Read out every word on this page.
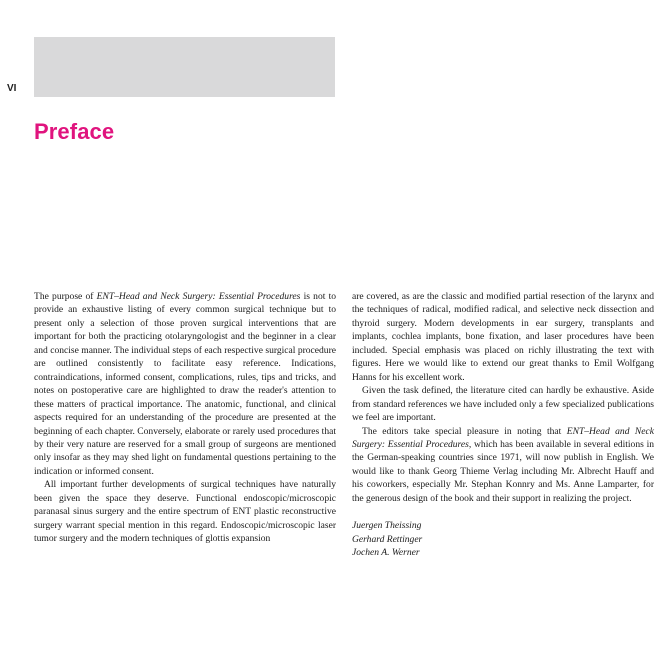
VI
Preface

The purpose of ENT–Head and Neck Surgery: Essential Procedures is not to provide an exhaustive listing of every common surgical technique but to present only a selection of those proven surgical interventions that are important for both the practicing otolaryngologist and the beginner in a clear and concise manner. The individual steps of each respective surgical procedure are outlined consistently to facilitate easy reference. Indications, contraindications, informed consent, complications, rules, tips and tricks, and notes on postoperative care are highlighted to draw the reader's attention to these matters of practical importance. The anatomic, functional, and clinical aspects required for an understanding of the procedure are presented at the beginning of each chapter. Conversely, elaborate or rarely used procedures that by their very nature are reserved for a small group of surgeons are mentioned only insofar as they may shed light on fundamental questions pertaining to the indication or informed consent.

All important further developments of surgical techniques have naturally been given the space they deserve. Functional endoscopic/microscopic paranasal sinus surgery and the entire spectrum of ENT plastic reconstructive surgery warrant special mention in this regard. Endoscopic/microscopic laser tumor surgery and the modern techniques of glottis expansion

are covered, as are the classic and modified partial resection of the larynx and the techniques of radical, modified radical, and selective neck dissection and thyroid surgery. Modern developments in ear surgery, transplants and implants, cochlea implants, bone fixation, and laser procedures have been included. Special emphasis was placed on richly illustrating the text with figures. Here we would like to extend our great thanks to Emil Wolfgang Hanns for his excellent work.

Given the task defined, the literature cited can hardly be exhaustive. Aside from standard references we have included only a few specialized publications we feel are important.

The editors take special pleasure in noting that ENT–Head and Neck Surgery: Essential Procedures, which has been available in several editions in the German-speaking countries since 1971, will now publish in English. We would like to thank Georg Thieme Verlag including Mr. Albrecht Hauff and his coworkers, especially Mr. Stephan Konnry and Ms. Anne Lamparter, for the generous design of the book and their support in realizing the project.

Juergen Theissing
Gerhard Rettinger
Jochen A. Werner
